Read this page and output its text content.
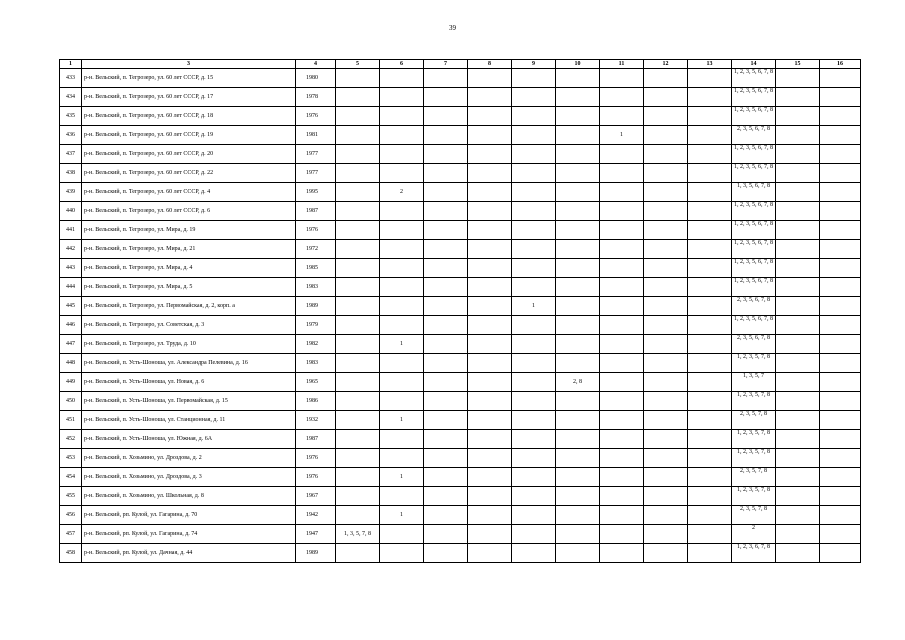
39
1	3	4	5	6	7	8	9	10	11	12	13	14	15	16
433	р-н. Вельский, п. Тегрозеро, ул. 60 лет СССР, д. 15	1980										1, 2, 3, 5, 6, 7, 8		
434	р-н. Вельский, п. Тегрозеро, ул. 60 лет СССР, д. 17	1978										1, 2, 3, 5, 6, 7, 8		
435	р-н. Вельский, п. Тегрозеро, ул. 60 лет СССР, д. 18	1976										1, 2, 3, 5, 6, 7, 8		
436	р-н. Вельский, п. Тегрозеро, ул. 60 лет СССР, д. 19	1981							1			2, 3, 5, 6, 7, 8		
437	р-н. Вельский, п. Тегрозеро, ул. 60 лет СССР, д. 20	1977										1, 2, 3, 5, 6, 7, 8		
438	р-н. Вельский, п. Тегрозеро, ул. 60 лет СССР, д. 22	1977										1, 2, 3, 5, 6, 7, 8		
439	р-н. Вельский, п. Тегрозеро, ул. 60 лет СССР, д. 4	1995		2								1, 3, 5, 6, 7, 8		
440	р-н. Вельский, п. Тегрозеро, ул. 60 лет СССР, д. 6	1987										1, 2, 3, 5, 6, 7, 8		
441	р-н. Вельский, п. Тегрозеро, ул. Мира, д. 19	1976										1, 2, 3, 5, 6, 7, 8		
442	р-н. Вельский, п. Тегрозеро, ул. Мира, д. 21	1972										1, 2, 3, 5, 6, 7, 8		
443	р-н. Вельский, п. Тегрозеро, ул. Мира, д. 4	1985										1, 2, 3, 5, 6, 7, 8		
444	р-н. Вельский, п. Тегрозеро, ул. Мира, д. 5	1983										1, 2, 3, 5, 6, 7, 8		
445	р-н. Вельский, п. Тегрозеро, ул. Первомайская, д. 2, корп. а	1989					1					2, 3, 5, 6, 7, 8		
446	р-н. Вельский, п. Тегрозеро, ул. Советская, д. 3	1979										1, 2, 3, 5, 6, 7, 8		
447	р-н. Вельский, п. Тегрозеро, ул. Труда, д. 10	1982		1								2, 3, 5, 6, 7, 8		
448	р-н. Вельский, п. Усть-Шоноша, ул. Александра Пелевина, д. 16	1983										1, 2, 3, 5, 7, 8		
449	р-н. Вельский, п. Усть-Шоноша, ул. Новая, д. 6	1965						2, 8				1, 3, 5, 7		
450	р-н. Вельский, п. Усть-Шоноша, ул. Первомайская, д. 15	1986										1, 2, 3, 5, 7, 8		
451	р-н. Вельский, п. Усть-Шоноша, ул. Станционная, д. 11	1932		1								2, 3, 5, 7, 8		
452	р-н. Вельский, п. Усть-Шоноша, ул. Южная, д. 6А	1987										1, 2, 3, 5, 7, 8		
453	р-н. Вельский, п. Хозьмино, ул. Дроздова, д. 2	1976										1, 2, 3, 5, 7, 8		
454	р-н. Вельский, п. Хозьмино, ул. Дроздова, д. 3	1976		1								2, 3, 5, 7, 8		
455	р-н. Вельский, п. Хозьмино, ул. Школьная, д. 8	1967										1, 2, 3, 5, 7, 8		
456	р-н. Вельский, рп. Кулой, ул. Гагарина, д. 70	1942		1								2, 3, 5, 7, 8		
457	р-н. Вельский, рп. Кулой, ул. Гагарина, д. 74	1947	1, 3, 5, 7, 8									2		
458	р-н. Вельский, рп. Кулой, ул. Дачная, д. 44	1989										1, 2, 3, 6, 7, 8		
